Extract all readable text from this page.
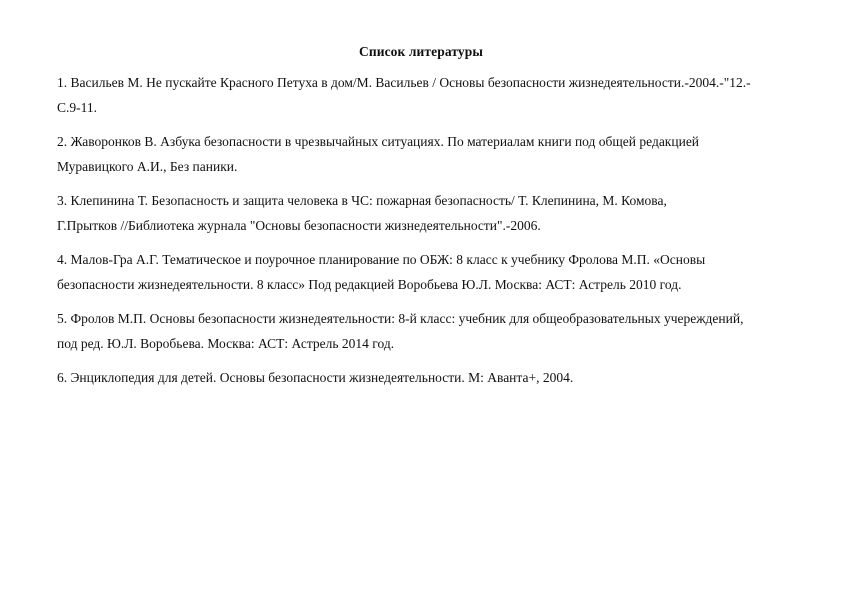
Список литературы
1. Васильев М. Не пускайте Красного Петуха в дом/М. Васильев / Основы безопасности жизнедеятельности.-2004.-"12.-
С.9-11.
2. Жаворонков В. Азбука безопасности в чрезвычайных ситуациях. По материалам книги под общей редакцией
Муравицкого А.И., Без паники.
3. Клепинина Т. Безопасность и защита человека в ЧС: пожарная безопасность/ Т. Клепинина, М. Комова,
Г.Прытков //Библиотека журнала "Основы безопасности жизнедеятельности".-2006.
4. Малов-Гра А.Г. Тематическое и поурочное планирование по ОБЖ: 8 класс к учебнику Фролова М.П. «Основы
безопасности жизнедеятельности. 8 класс» Под редакцией Воробьева Ю.Л. Москва: АСТ: Астрель 2010 год.
5. Фролов М.П. Основы безопасности жизнедеятельности: 8-й класс: учебник для общеобразовательных учереждений,
под ред. Ю.Л. Воробьева. Москва: АСТ: Астрель 2014 год.
6. Энциклопедия для детей. Основы безопасности жизнедеятельности. М: Аванта+, 2004.
